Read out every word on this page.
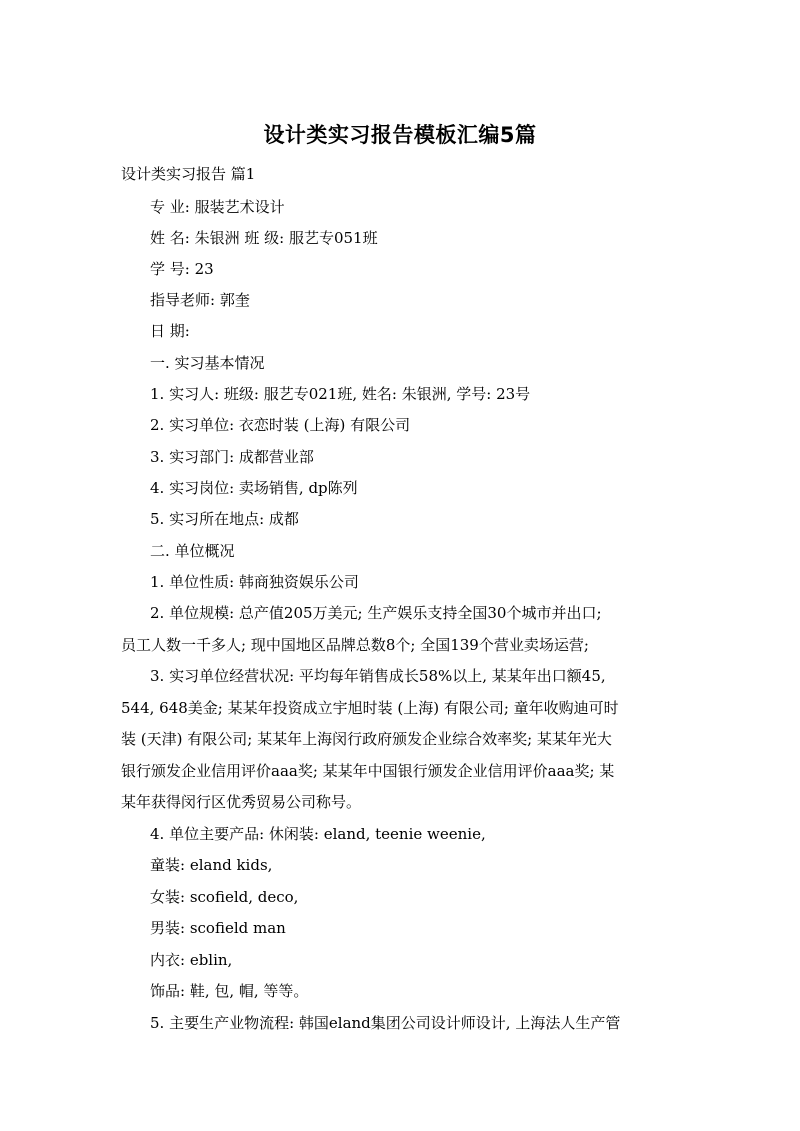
设计类实习报告模板汇编5篇
设计类实习报告 篇1
专 业: 服装艺术设计
姓 名: 朱银洲 班 级: 服艺专051班
学 号: 23
指导老师: 郭奎
日 期:
一. 实习基本情况
1. 实习人: 班级: 服艺专021班, 姓名: 朱银洲, 学号: 23号
2. 实习单位: 衣恋时装 (上海) 有限公司
3. 实习部门: 成都营业部
4. 实习岗位: 卖场销售, dp陈列
5. 实习所在地点: 成都
二. 单位概况
1. 单位性质: 韩商独资娱乐公司
2. 单位规模: 总产值205万美元; 生产娱乐支持全国30个城市并出口;
员工人数一千多人; 现中国地区品牌总数8个; 全国139个营业卖场运营;
3. 实习单位经营状况: 平均每年销售成长58%以上, 某某年出口额45,
544, 648美金; 某某年投资成立宇旭时装 (上海) 有限公司; 童年收购迪可时
装 (天津) 有限公司; 某某年上海闵行政府颁发企业综合效率奖; 某某年光大
银行颁发企业信用评价aaa奖; 某某年中国银行颁发企业信用评价aaa奖; 某
某年获得闵行区优秀贸易公司称号。
4. 单位主要产品: 休闲装: eland, teenie weenie,
童装: eland kids,
女装: scofield, deco,
男装: scofield man
内衣: eblin,
饰品: 鞋, 包, 帽, 等等。
5. 主要生产业物流程: 韩国eland集团公司设计师设计, 上海法人生产管
